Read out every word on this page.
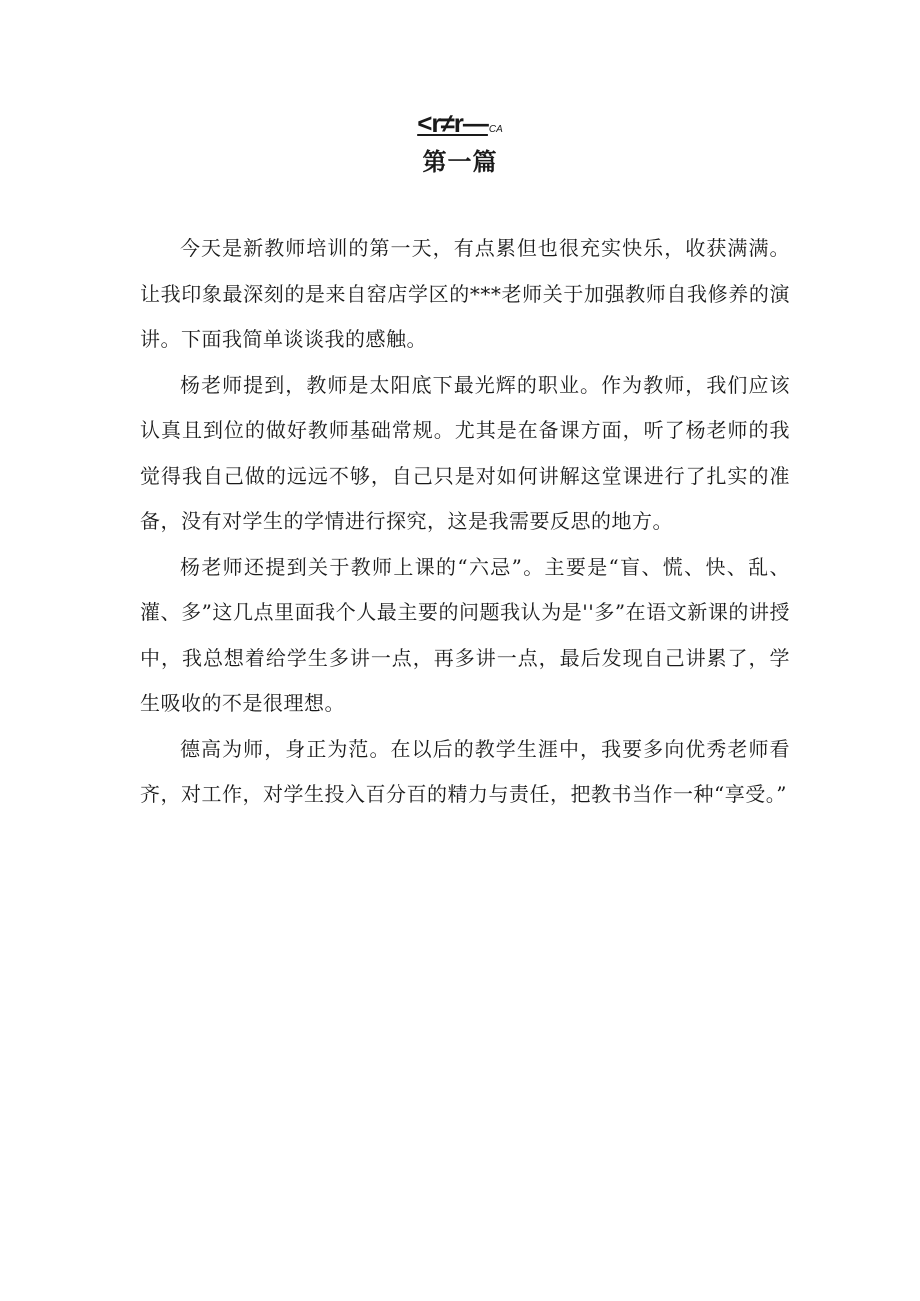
<r≠r—CA
第一篇

今天是新教师培训的第一天，有点累但也很充实快乐，收获满满。让我印象最深刻的是来自窑店学区的***老师关于加强教师自我修养的演讲。下面我简单谈谈我的感触。

杨老师提到，教师是太阳底下最光辉的职业。作为教师，我们应该认真且到位的做好教师基础常规。尤其是在备课方面，听了杨老师的我觉得我自己做的远远不够，自己只是对如何讲解这堂课进行了扎实的准备，没有对学生的学情进行探究，这是我需要反思的地方。

杨老师还提到关于教师上课的“六忌”。主要是“盲、慌、快、乱、灌、多”这几点里面我个人最主要的问题我认为是''多”在语文新课的讲授中，我总想着给学生多讲一点，再多讲一点，最后发现自己讲累了，学生吸收的不是很理想。

德高为师，身正为范。在以后的教学生涯中，我要多向优秀老师看齐，对工作，对学生投入百分百的精力与责任，把教书当作一种“享受。”
